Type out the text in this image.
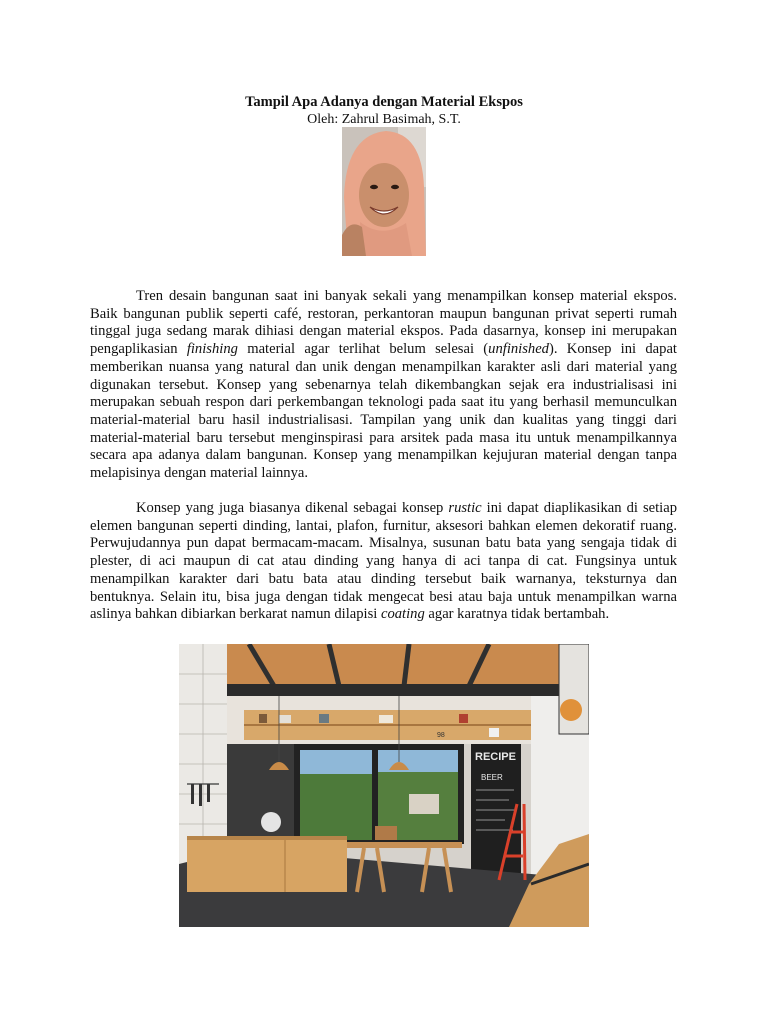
Tampil Apa Adanya dengan Material Ekspos
Oleh: Zahrul Basimah, S.T.

Tren desain bangunan saat ini banyak sekali yang menampilkan konsep material ekspos. Baik bangunan publik seperti café, restoran, perkantoran maupun bangunan privat seperti rumah tinggal juga sedang marak dihiasi dengan material ekspos. Pada dasarnya, konsep ini merupakan pengaplikasian finishing material agar terlihat belum selesai (unfinished). Konsep ini dapat memberikan nuansa yang natural dan unik dengan menampilkan karakter asli dari material yang digunakan tersebut. Konsep yang sebenarnya telah dikembangkan sejak era industrialisasi ini merupakan sebuah respon dari perkembangan teknologi pada saat itu yang berhasil memunculkan material-material baru hasil industrialisasi. Tampilan yang unik dan kualitas yang tinggi dari material-material baru tersebut menginspirasi para arsitek pada masa itu untuk menampilkannya secara apa adanya dalam bangunan. Konsep yang menampilkan kejujuran material dengan tanpa melapisinya dengan material lainnya.

Konsep yang juga biasanya dikenal sebagai konsep rustic ini dapat diaplikasikan di setiap elemen bangunan seperti dinding, lantai, plafon, furnitur, aksesori bahkan elemen dekoratif ruang. Perwujudannya pun dapat bermacam-macam. Misalnya, susunan batu bata yang sengaja tidak di plester, di aci maupun di cat atau dinding yang hanya di aci tanpa di cat. Fungsinya untuk menampilkan karakter dari batu bata atau dinding tersebut baik warnanya, teksturnya dan bentuknya. Selain itu, bisa juga dengan tidak mengecat besi atau baja untuk menampilkan warna aslinya bahkan dibiarkan berkarat namun dilapisi coating agar karatnya tidak bertambah.

98
RECIPE
BEER
